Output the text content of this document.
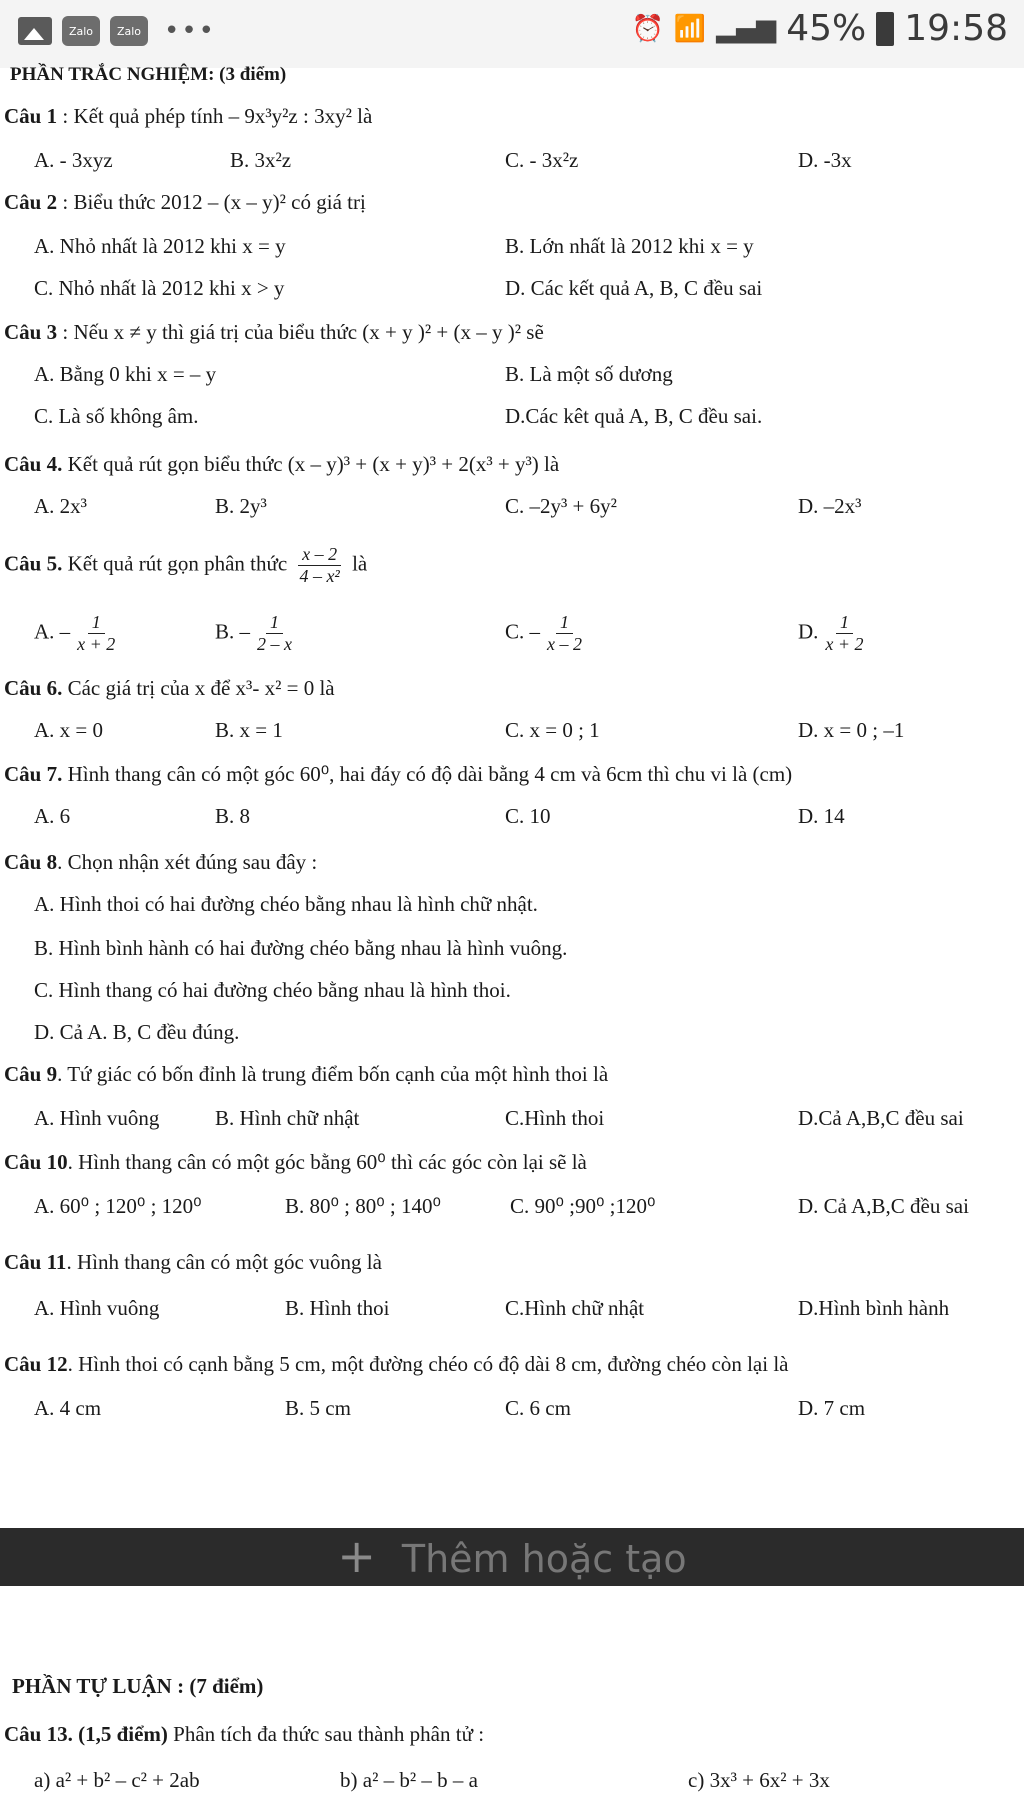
Zalo	Zalo •••	⏰ 📶 ▂▄▆ 45% 19:58
PHẦN TRẮC NGHIỆM: (3 điểm)
Câu 1 : Kết quả phép tính – 9x³y²z : 3xy² là
A. - 3xyz	B. 3x²z	C. - 3x²z	D. -3x
Câu 2 : Biểu thức 2012 – (x – y)² có giá trị
A. Nhỏ nhất là 2012 khi x = y	B. Lớn nhất là 2012 khi x = y
C. Nhỏ nhất là 2012 khi x > y	D. Các kết quả A, B, C đều sai
Câu 3 : Nếu x ≠ y thì giá trị của biểu thức (x + y )² + (x – y )² sẽ
A. Bằng 0 khi x = – y	B. Là một số dương
C. Là số không âm.	D.Các kêt quả A, B, C đều sai.
Câu 4. Kết quả rút gọn biểu thức (x – y)³ + (x + y)³ + 2(x³ + y³) là
A. 2x³	B. 2y³	C. –2y³ + 6y²	D. –2x³
Câu 5. Kết quả rút gọn phân thức $\frac{x - 2}{\text{4 – x²}}$ là
A. – $\frac{1}{x + 2}$	B. – $\frac{1}{2 - x}$	C. – $\frac{1}{x - 2}$	D. $\frac{1}{x + 2}$
Câu 6. Các giá trị của x để x³- x² = 0 là
A. x = 0	B. x = 1	C. x = 0 ; 1	D. x = 0 ; –1
Câu 7. Hình thang cân có một góc 60⁰, hai đáy có độ dài bằng 4 cm và 6cm thì chu vi là (cm)
A. 6	B. 8	C. 10	D. 14
Câu 8. Chọn nhận xét đúng sau đây :
A. Hình thoi có hai đường chéo bằng nhau là hình chữ nhật.
B. Hình bình hành có hai đường chéo bằng nhau là hình vuông.
C. Hình thang có hai đường chéo bằng nhau là hình thoi.
D. Cả A. B, C đều đúng.
Câu 9. Tứ giác có bốn đỉnh là trung điểm bốn cạnh của một hình thoi là
A. Hình vuông	B. Hình chữ nhật	C.Hình thoi	D.Cả A,B,C đều sai
Câu 10. Hình thang cân có một góc bằng 60⁰ thì các góc còn lại sẽ là
A. 60⁰ ; 120⁰ ; 120⁰	B. 80⁰ ; 80⁰ ; 140⁰	C. 90⁰ ;90⁰ ;120⁰	D. Cả A,B,C đều sai
Câu 11. Hình thang cân có một góc vuông là
A. Hình vuông	B. Hình thoi	C.Hình chữ nhật	D.Hình bình hành
Câu 12. Hình thoi có cạnh bằng 5 cm, một đường chéo có độ dài 8 cm, đường chéo còn lại là
A. 4 cm	B. 5 cm	C. 6 cm	D. 7 cm
+ Thêm hoặc tạo
PHẦN TỰ LUẬN : (7 điểm)
Câu 13. (1,5 điểm) Phân tích đa thức sau thành phân tử :
a) a² + b² – c² + 2ab	b) a² – b² – b – a	c) 3x³ + 6x² + 3x
